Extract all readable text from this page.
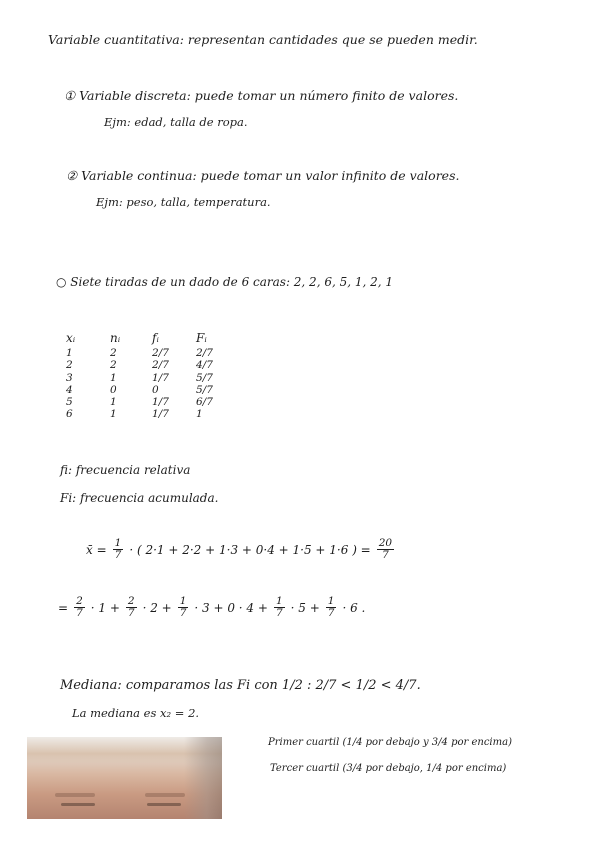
Variable cuantitativa: representan cantidades que se pueden medir.
① Variable discreta: puede tomar un número finito de valores.
Ejm: edad, talla de ropa.
② Variable continua: puede tomar un valor infinito de valores.
Ejm: peso, talla, temperatura.
○ Siete tiradas de un dado de 6 caras: 2, 2, 6, 5, 1, 2, 1
xᵢ
1
2
3
4
5
6
nᵢ
2
2
1
0
1
1
fᵢ
2/7
2/7
1/7
0
1/7
1/7
Fᵢ
2/7
4/7
5/7
5/7
6/7
1
fi: frecuencia relativa
Fi: frecuencia acumulada.
x̄ = $\frac{1}{7}$ · ( 2·1 + 2·2 + 1·3 + 0·4 + 1·5 + 1·6 ) = $\frac{20}{7}$
= $\frac{2}{7} \cdot 1 + \frac{2}{7} \cdot 2 + \frac{1}{7} \cdot 3 + 0 \cdot 4 + \frac{1}{7} \cdot 5 + \frac{1}{7} \cdot 6$ .
Mediana: comparamos las Fi con 1/2 : 2/7 < 1/2 < 4/7.
La mediana es x₂ = 2.
Primer cuartil (1/4 por debajo y 3/4 por encima)
Tercer cuartil (3/4 por debajo, 1/4 por encima)
